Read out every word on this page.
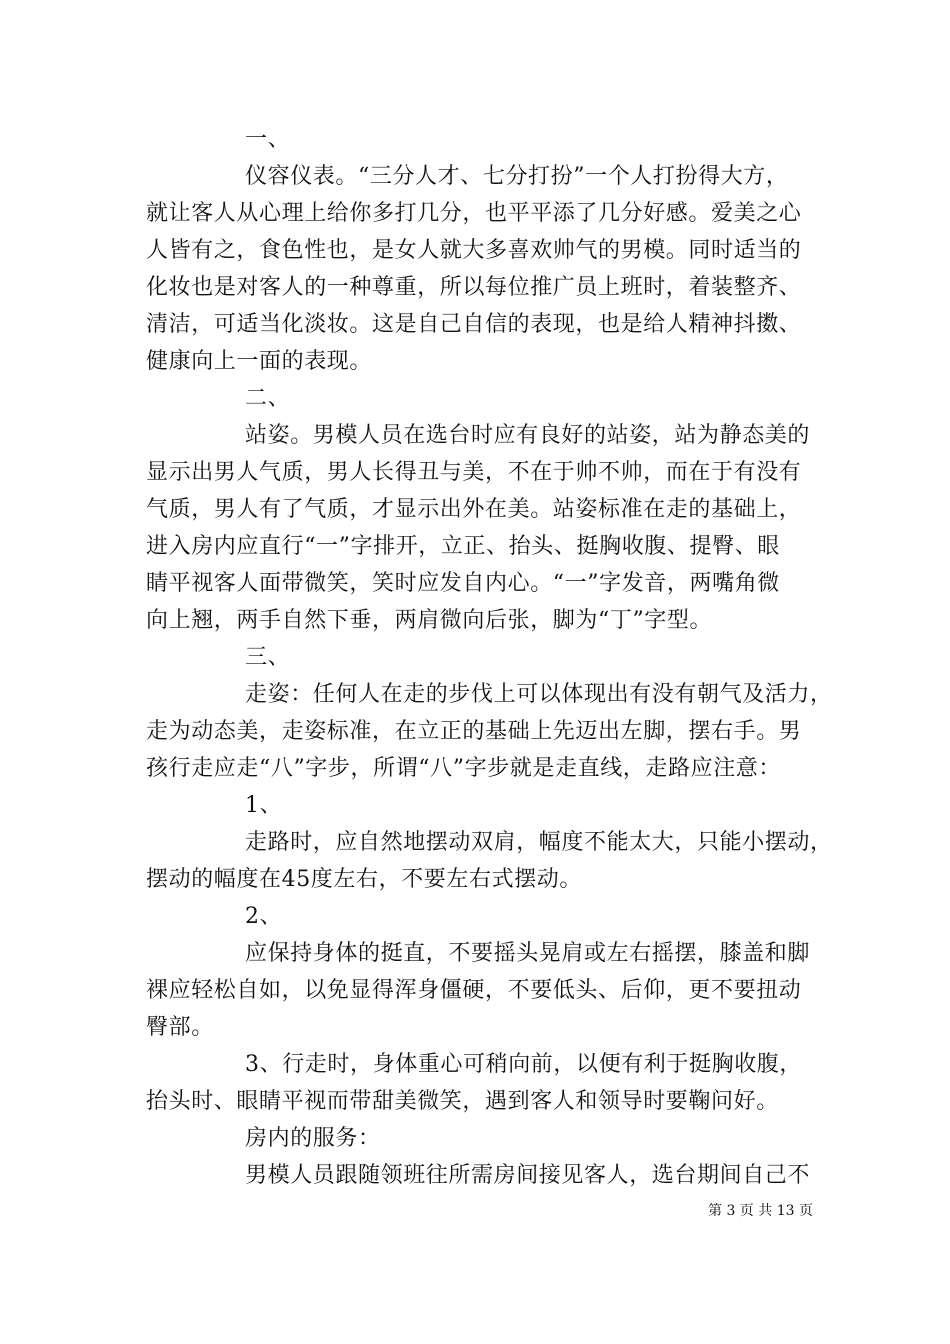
一、
仪容仪表。“三分人才、七分打扮”一个人打扮得大方，
就让客人从心理上给你多打几分，也平平添了几分好感。爱美之心
人皆有之，食色性也，是女人就大多喜欢帅气的男模。同时适当的
化妆也是对客人的一种尊重，所以每位推广员上班时，着装整齐、
清洁，可适当化淡妆。这是自己自信的表现，也是给人精神抖擞、
健康向上一面的表现。
二、
站姿。男模人员在选台时应有良好的站姿，站为静态美的
显示出男人气质，男人长得丑与美，不在于帅不帅，而在于有没有
气质，男人有了气质，才显示出外在美。站姿标准在走的基础上，
进入房内应直行“一”字排开，立正、抬头、挺胸收腹、提臀、眼
睛平视客人面带微笑，笑时应发自内心。“一”字发音，两嘴角微
向上翘，两手自然下垂，两肩微向后张，脚为“丁”字型。
三、
走姿：任何人在走的步伐上可以体现出有没有朝气及活力，
走为动态美，走姿标准，在立正的基础上先迈出左脚，摆右手。男
孩行走应走“八”字步，所谓“八”字步就是走直线，走路应注意：
1、
走路时，应自然地摆动双肩，幅度不能太大，只能小摆动，
摆动的幅度在45度左右，不要左右式摆动。
2、
应保持身体的挺直，不要摇头晃肩或左右摇摆，膝盖和脚
裸应轻松自如，以免显得浑身僵硬，不要低头、后仰，更不要扭动
臀部。
3、行走时，身体重心可稍向前，以便有利于挺胸收腹，
抬头时、眼睛平视而带甜美微笑，遇到客人和领导时要鞠问好。
房内的服务：
男模人员跟随领班往所需房间接见客人，选台期间自己不
第 3 页 共 13 页
